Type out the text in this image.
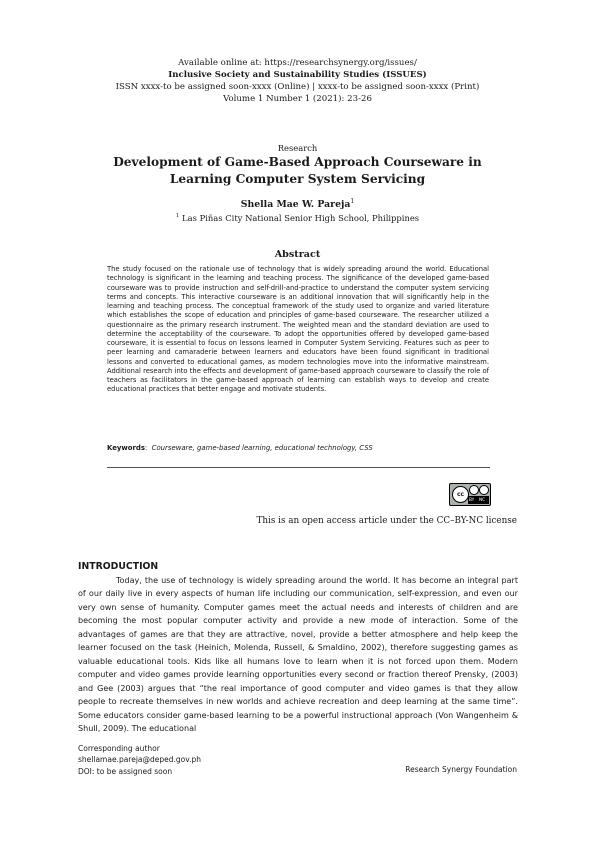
Available online at: https://researchsynergy.org/issues/
Inclusive Society and Sustainability Studies (ISSUES)
ISSN xxxx-to be assigned soon-xxxx (Online) | xxxx-to be assigned soon-xxxx (Print)
Volume 1 Number 1 (2021): 23-26
Research
Development of Game-Based Approach Courseware in Learning Computer System Servicing
Shella Mae W. Pareja$^1$
$^1$ Las Piñas City National Senior High School, Philippines
Abstract
The study focused on the rationale use of technology that is widely spreading around the world. Educational technology is significant in the learning and teaching process. The significance of the developed game-based courseware was to provide instruction and self-drill-and-practice to understand the computer system servicing terms and concepts. This interactive courseware is an additional innovation that will significantly help in the learning and teaching process. The conceptual framework of the study used to organize and varied literature which establishes the scope of education and principles of game-based courseware. The researcher utilized a questionnaire as the primary research instrument. The weighted mean and the standard deviation are used to determine the acceptability of the courseware. To adopt the opportunities offered by developed game-based courseware, it is essential to focus on lessons learned in Computer System Servicing. Features such as peer to peer learning and camaraderie between learners and educators have been found significant in traditional lessons and converted to educational games, as modern technologies move into the informative mainstream. Additional research into the effects and development of game-based approach courseware to classify the role of teachers as facilitators in the game-based approach of learning can establish ways to develop and create educational practices that better engage and motivate students.
Keywords: Courseware, game-based learning, educational technology, CSS
cc
BY NC
This is an open access article under the CC–BY-NC license
INTRODUCTION

Today, the use of technology is widely spreading around the world. It has become an integral part of our daily live in every aspects of human life including our communication, self-expression, and even our very own sense of humanity. Computer games meet the actual needs and interests of children and are becoming the most popular computer activity and provide a new mode of interaction. Some of the advantages of games are that they are attractive, novel, provide a better atmosphere and help keep the learner focused on the task (Heinich, Molenda, Russell, & Smaldino, 2002), therefore suggesting games as valuable educational tools. Kids like all humans love to learn when it is not forced upon them. Modern computer and video games provide learning opportunities every second or fraction thereof Prensky, (2003) and Gee (2003) argues that “the real importance of good computer and video games is that they allow people to recreate themselves in new worlds and achieve recreation and deep learning at the same time”. Some educators consider game-based learning to be a powerful instructional approach (Von Wangenheim & Shull, 2009). The educational

Corresponding author
shellamae.pareja@deped.gov.ph
DOI: to be assigned soon	Research Synergy Foundation
